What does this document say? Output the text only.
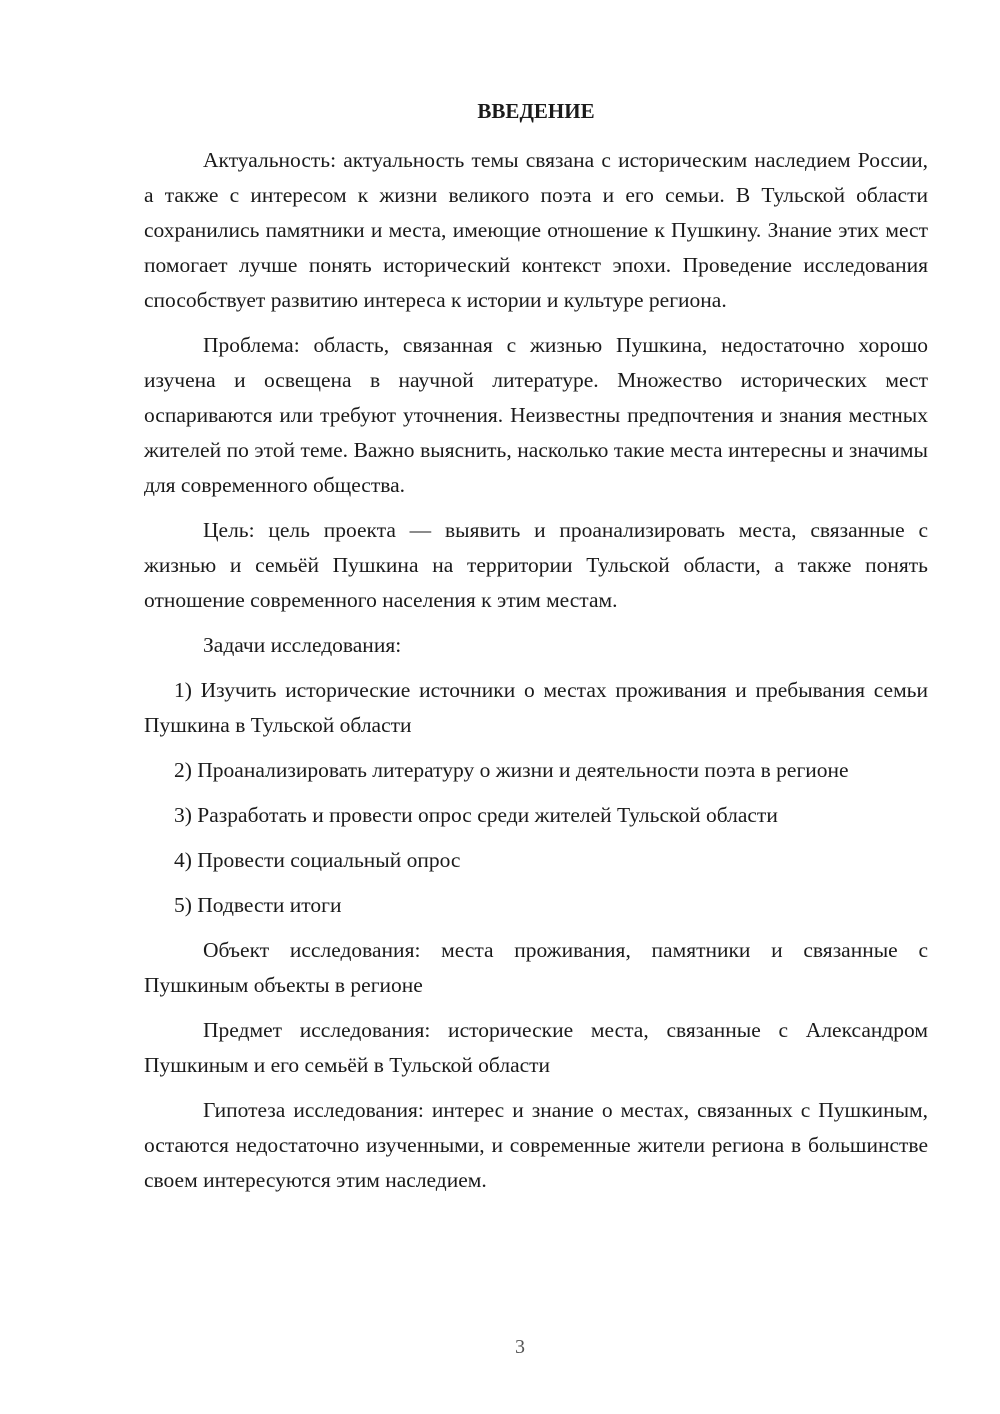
ВВЕДЕНИЕ

Актуальность: актуальность темы связана с историческим наследием России, а также с интересом к жизни великого поэта и его семьи. В Тульской области сохранились памятники и места, имеющие отношение к Пушкину. Знание этих мест помогает лучше понять исторический контекст эпохи. Проведение исследования способствует развитию интереса к истории и культуре региона.

Проблема: область, связанная с жизнью Пушкина, недостаточно хорошо изучена и освещена в научной литературе. Множество исторических мест оспариваются или требуют уточнения. Неизвестны предпочтения и знания местных жителей по этой теме. Важно выяснить, насколько такие места интересны и значимы для современного общества.

Цель: цель проекта — выявить и проанализировать места, связанные с жизнью и семьёй Пушкина на территории Тульской области, а также понять отношение современного населения к этим местам.

Задачи исследования:

1) Изучить исторические источники о местах проживания и пребывания семьи Пушкина в Тульской области

2) Проанализировать литературу о жизни и деятельности поэта в регионе

3) Разработать и провести опрос среди жителей Тульской области

4) Провести социальный опрос

5) Подвести итоги

Объект исследования: места проживания, памятники и связанные с Пушкиным объекты в регионе

Предмет исследования: исторические места, связанные с Александром Пушкиным и его семьёй в Тульской области

Гипотеза исследования: интерес и знание о местах, связанных с Пушкиным, остаются недостаточно изученными, и современные жители региона в большинстве своем интересуются этим наследием.

3
